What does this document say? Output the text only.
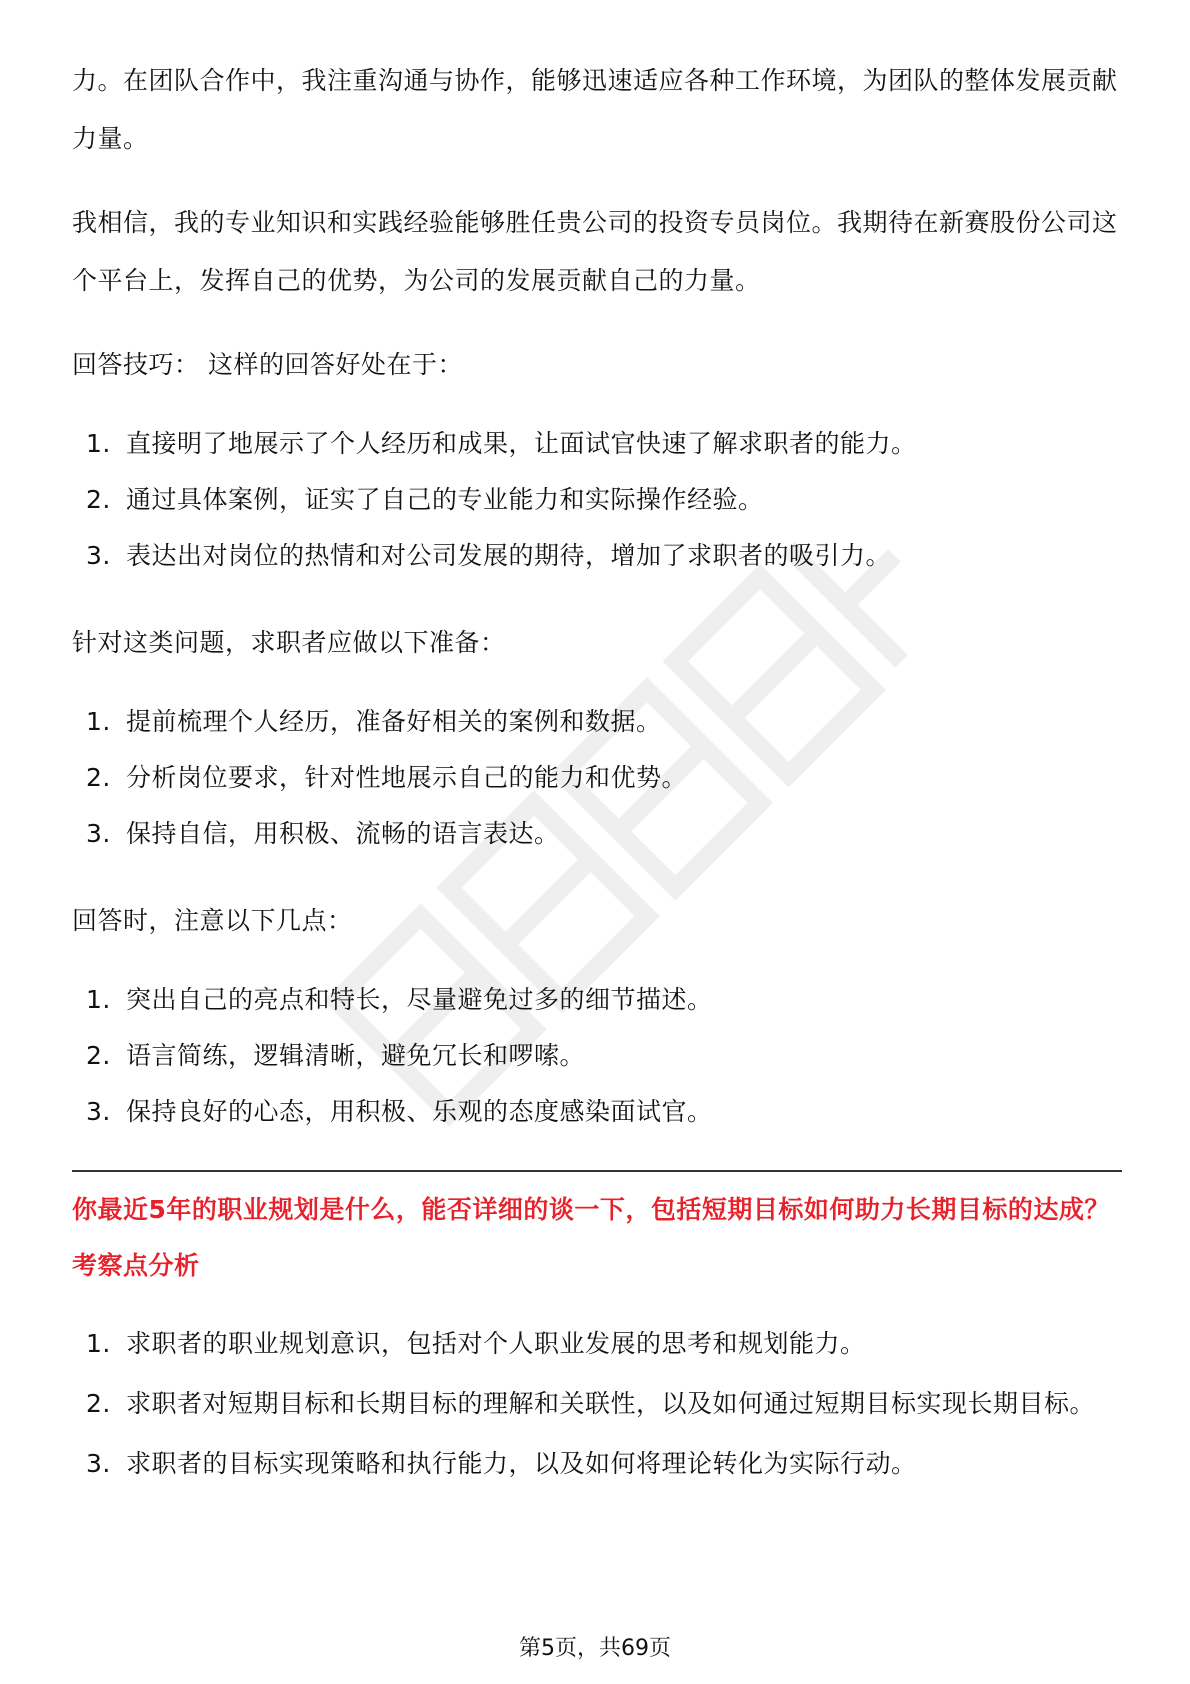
力。在团队合作中，我注重沟通与协作，能够迅速适应各种工作环境，为团队的整体发展贡献力量。

我相信，我的专业知识和实践经验能够胜任贵公司的投资专员岗位。我期待在新赛股份公司这个平台上，发挥自己的优势，为公司的发展贡献自己的力量。

回答技巧： 这样的回答好处在于：

1. 直接明了地展示了个人经历和成果，让面试官快速了解求职者的能力。
2. 通过具体案例，证实了自己的专业能力和实际操作经验。
3. 表达出对岗位的热情和对公司发展的期待，增加了求职者的吸引力。

针对这类问题，求职者应做以下准备：

1. 提前梳理个人经历，准备好相关的案例和数据。
2. 分析岗位要求，针对性地展示自己的能力和优势。
3. 保持自信，用积极、流畅的语言表达。

回答时，注意以下几点：

1. 突出自己的亮点和特长，尽量避免过多的细节描述。
2. 语言简练，逻辑清晰，避免冗长和啰嗦。
3. 保持良好的心态，用积极、乐观的态度感染面试官。

你最近5年的职业规划是什么，能否详细的谈一下，包括短期目标如何助力长期目标的达成？

考察点分析

1. 求职者的职业规划意识，包括对个人职业发展的思考和规划能力。
2. 求职者对短期目标和长期目标的理解和关联性，以及如何通过短期目标实现长期目标。
3. 求职者的目标实现策略和执行能力，以及如何将理论转化为实际行动。
第5页，共69页
